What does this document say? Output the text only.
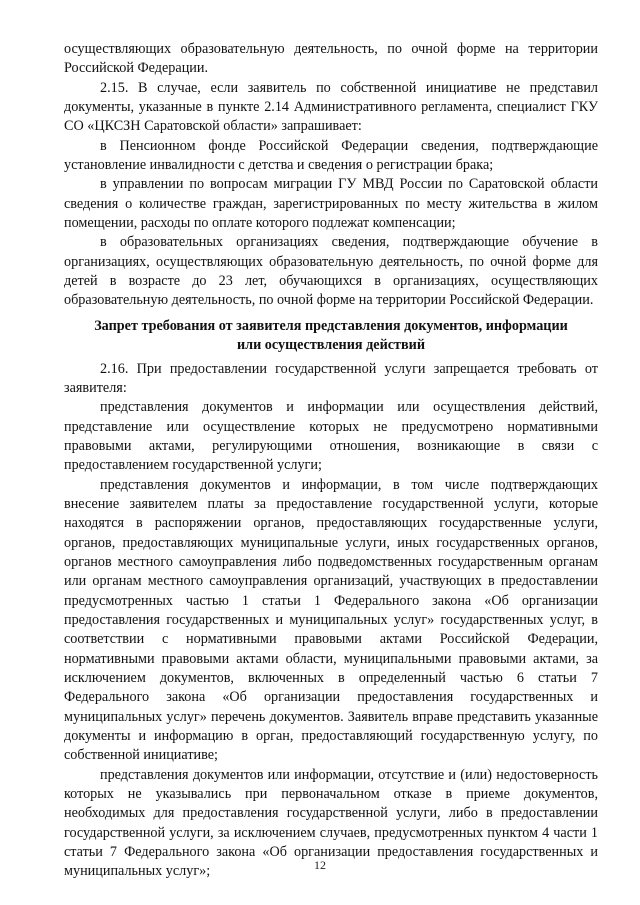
осуществляющих образовательную деятельность, по очной форме на территории Российской Федерации.

2.15. В случае, если заявитель по собственной инициативе не представил документы, указанные в пункте 2.14 Административного регламента, специалист ГКУ СО «ЦКСЗН Саратовской области» запрашивает:

в Пенсионном фонде Российской Федерации сведения, подтверждающие установление инвалидности с детства и сведения о регистрации брака;

в управлении по вопросам миграции ГУ МВД России по Саратовской области сведения о количестве граждан, зарегистрированных по месту жительства в жилом помещении, расходы по оплате которого подлежат компенсации;

в образовательных организациях сведения, подтверждающие обучение в организациях, осуществляющих образовательную деятельность, по очной форме для детей в возрасте до 23 лет, обучающихся в организациях, осуществляющих образовательную деятельность, по очной форме на территории Российской Федерации.

Запрет требования от заявителя представления документов, информации
или осуществления действий

2.16. При предоставлении государственной услуги запрещается требовать от заявителя:

представления документов и информации или осуществления действий, представление или осуществление которых не предусмотрено нормативными правовыми актами, регулирующими отношения, возникающие в связи с предоставлением государственной услуги;

представления документов и информации, в том числе подтверждающих внесение заявителем платы за предоставление государственной услуги, которые находятся в распоряжении органов, предоставляющих государственные услуги, органов, предоставляющих муниципальные услуги, иных государственных органов, органов местного самоуправления либо подведомственных государственным органам или органам местного самоуправления организаций, участвующих в предоставлении предусмотренных частью 1 статьи 1 Федерального закона «Об организации предоставления государственных и муниципальных услуг» государственных услуг, в соответствии с нормативными правовыми актами Российской Федерации, нормативными правовыми актами области, муниципальными правовыми актами, за исключением документов, включенных в определенный частью 6 статьи 7 Федерального закона «Об организации предоставления государственных и муниципальных услуг» перечень документов. Заявитель вправе представить указанные документы и информацию в орган, предоставляющий государственную услугу, по собственной инициативе;

представления документов или информации, отсутствие и (или) недостоверность которых не указывались при первоначальном отказе в приеме документов, необходимых для предоставления государственной услуги, либо в предоставлении государственной услуги, за исключением случаев, предусмотренных пунктом 4 части 1 статьи 7 Федерального закона «Об организации предоставления государственных и муниципальных услуг»;	12
